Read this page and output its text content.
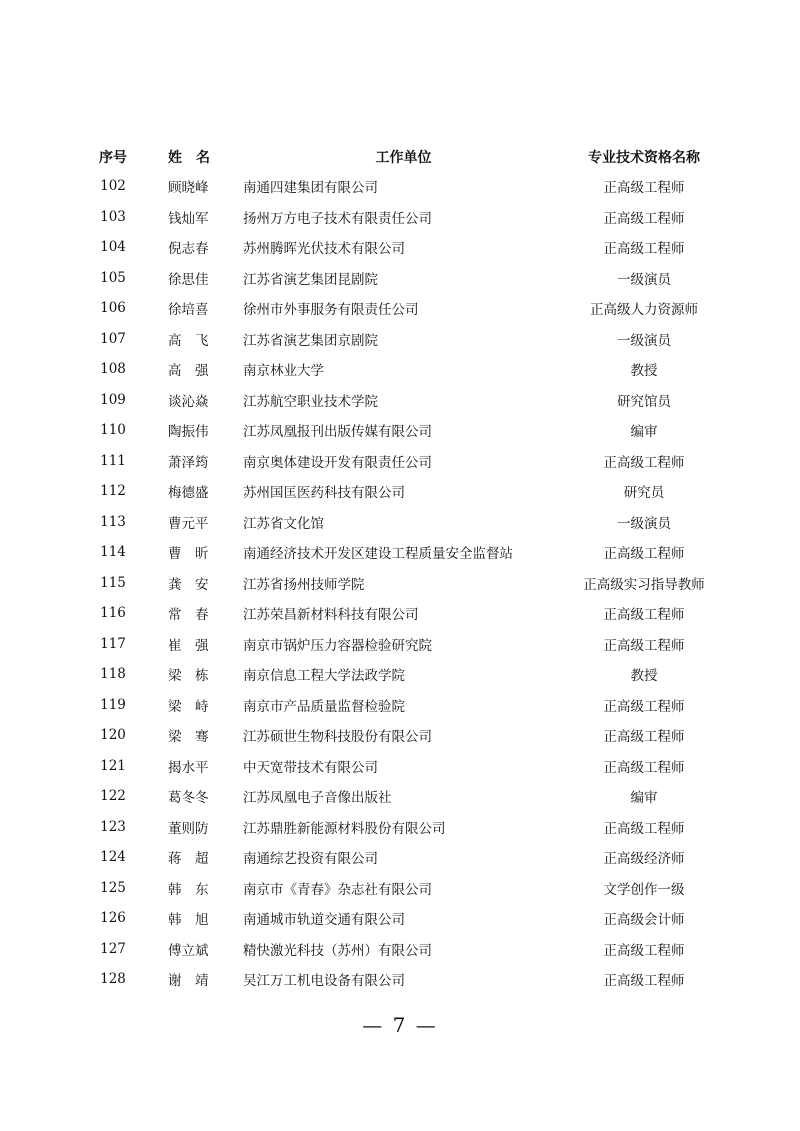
序号	姓　名	工作单位	专业技术资格名称
102	顾晓峰	南通四建集团有限公司	正高级工程师
103	钱灿军	扬州万方电子技术有限责任公司	正高级工程师
104	倪志春	苏州腾晖光伏技术有限公司	正高级工程师
105	徐思佳	江苏省演艺集团昆剧院	一级演员
106	徐培喜	徐州市外事服务有限责任公司	正高级人力资源师
107	高　飞	江苏省演艺集团京剧院	一级演员
108	高　强	南京林业大学	教授
109	谈沁焱	江苏航空职业技术学院	研究馆员
110	陶振伟	江苏凤凰报刊出版传媒有限公司	编审
111	萧泽筠	南京奥体建设开发有限责任公司	正高级工程师
112	梅德盛	苏州国匡医药科技有限公司	研究员
113	曹元平	江苏省文化馆	一级演员
114	曹　昕	南通经济技术开发区建设工程质量安全监督站	正高级工程师
115	龚　安	江苏省扬州技师学院	正高级实习指导教师
116	常　春	江苏荣昌新材料科技有限公司	正高级工程师
117	崔　强	南京市锅炉压力容器检验研究院	正高级工程师
118	梁　栋	南京信息工程大学法政学院	教授
119	梁　峙	南京市产品质量监督检验院	正高级工程师
120	梁　骞	江苏硕世生物科技股份有限公司	正高级工程师
121	揭水平	中天宽带技术有限公司	正高级工程师
122	葛冬冬	江苏凤凰电子音像出版社	编审
123	董则防	江苏鼎胜新能源材料股份有限公司	正高级工程师
124	蒋　超	南通综艺投资有限公司	正高级经济师
125	韩　东	南京市《青春》杂志社有限公司	文学创作一级
126	韩　旭	南通城市轨道交通有限公司	正高级会计师
127	傅立斌	精快激光科技（苏州）有限公司	正高级工程师
128	谢　靖	吴江万工机电设备有限公司	正高级工程师
— 7 —
